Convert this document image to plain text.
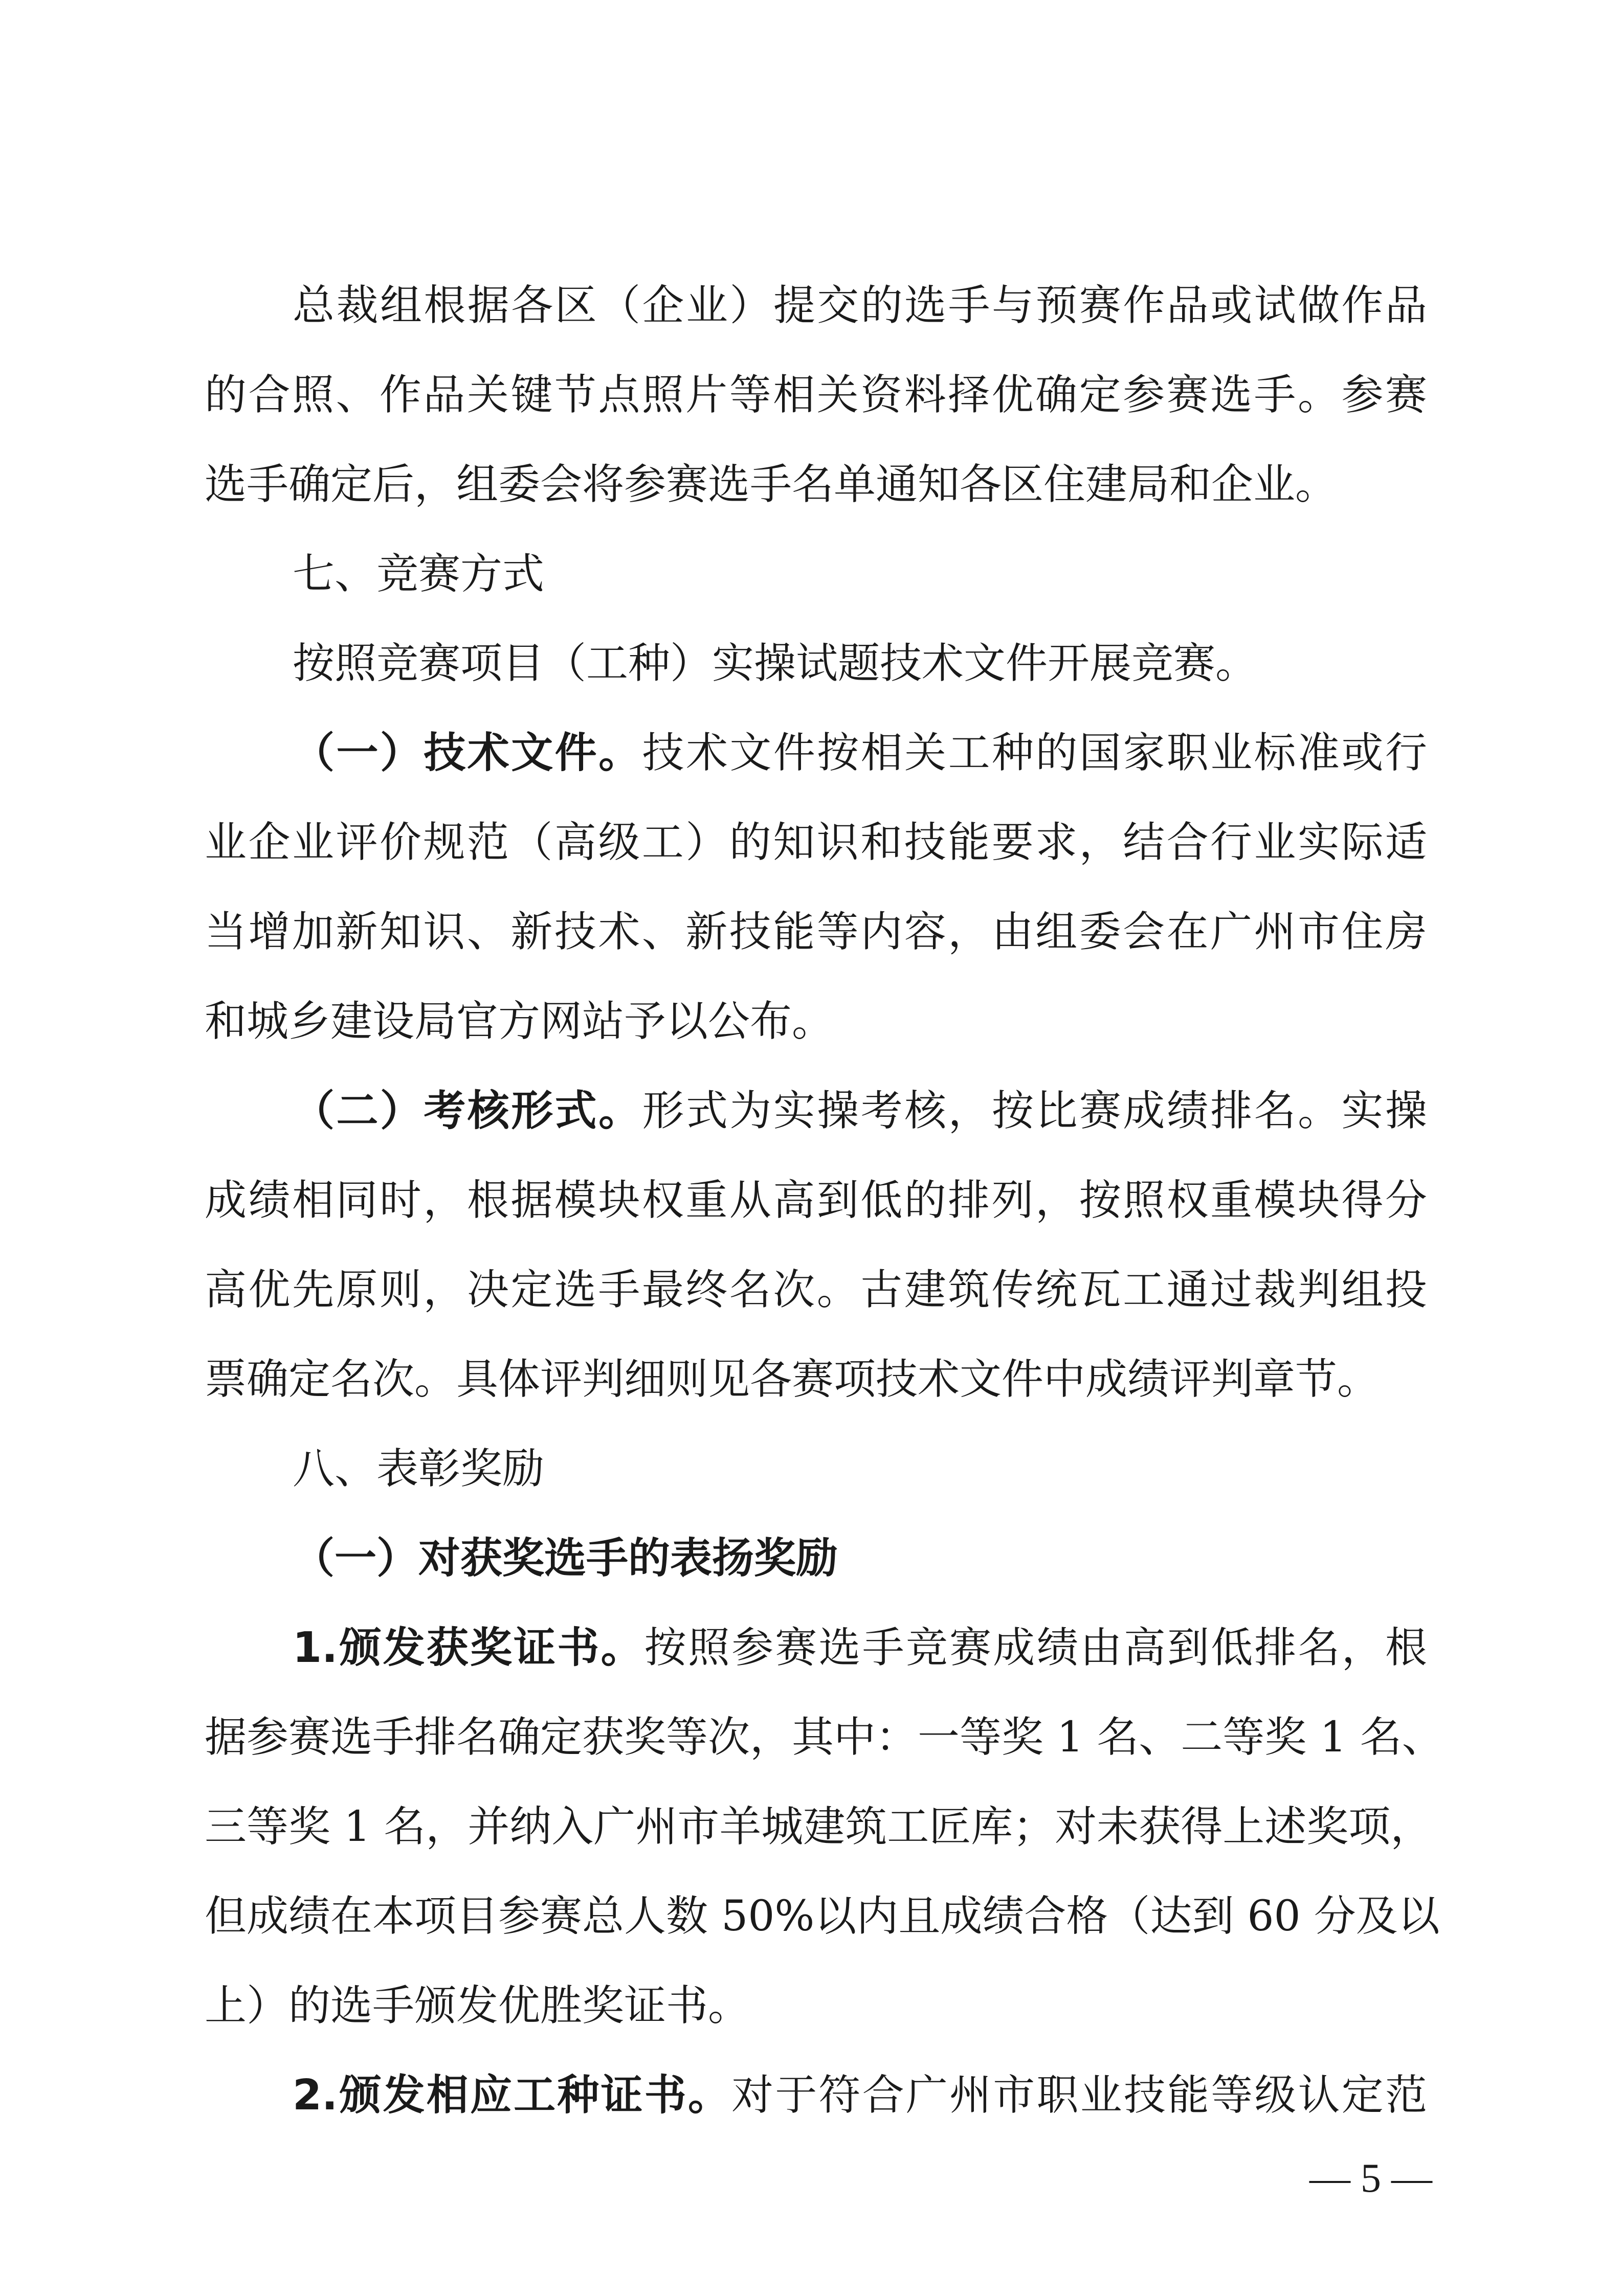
总裁组根据各区（企业）提交的选手与预赛作品或试做作品
的合照、作品关键节点照片等相关资料择优确定参赛选手。参赛
选手确定后，组委会将参赛选手名单通知各区住建局和企业。
七、竞赛方式
按照竞赛项目（工种）实操试题技术文件开展竞赛。
（一）技术文件。技术文件按相关工种的国家职业标准或行
业企业评价规范（高级工）的知识和技能要求，结合行业实际适
当增加新知识、新技术、新技能等内容，由组委会在广州市住房
和城乡建设局官方网站予以公布。
（二）考核形式。形式为实操考核，按比赛成绩排名。实操
成绩相同时，根据模块权重从高到低的排列，按照权重模块得分
高优先原则，决定选手最终名次。古建筑传统瓦工通过裁判组投
票确定名次。具体评判细则见各赛项技术文件中成绩评判章节。
八、表彰奖励
（一）对获奖选手的表扬奖励
1.颁发获奖证书。按照参赛选手竞赛成绩由高到低排名，根
据参赛选手排名确定获奖等次，其中：一等奖 1 名、二等奖 1 名、
三等奖 1 名，并纳入广州市羊城建筑工匠库；对未获得上述奖项，
但成绩在本项目参赛总人数 50%以内且成绩合格（达到 60 分及以
上）的选手颁发优胜奖证书。
2.颁发相应工种证书。对于符合广州市职业技能等级认定范
— 5 —
